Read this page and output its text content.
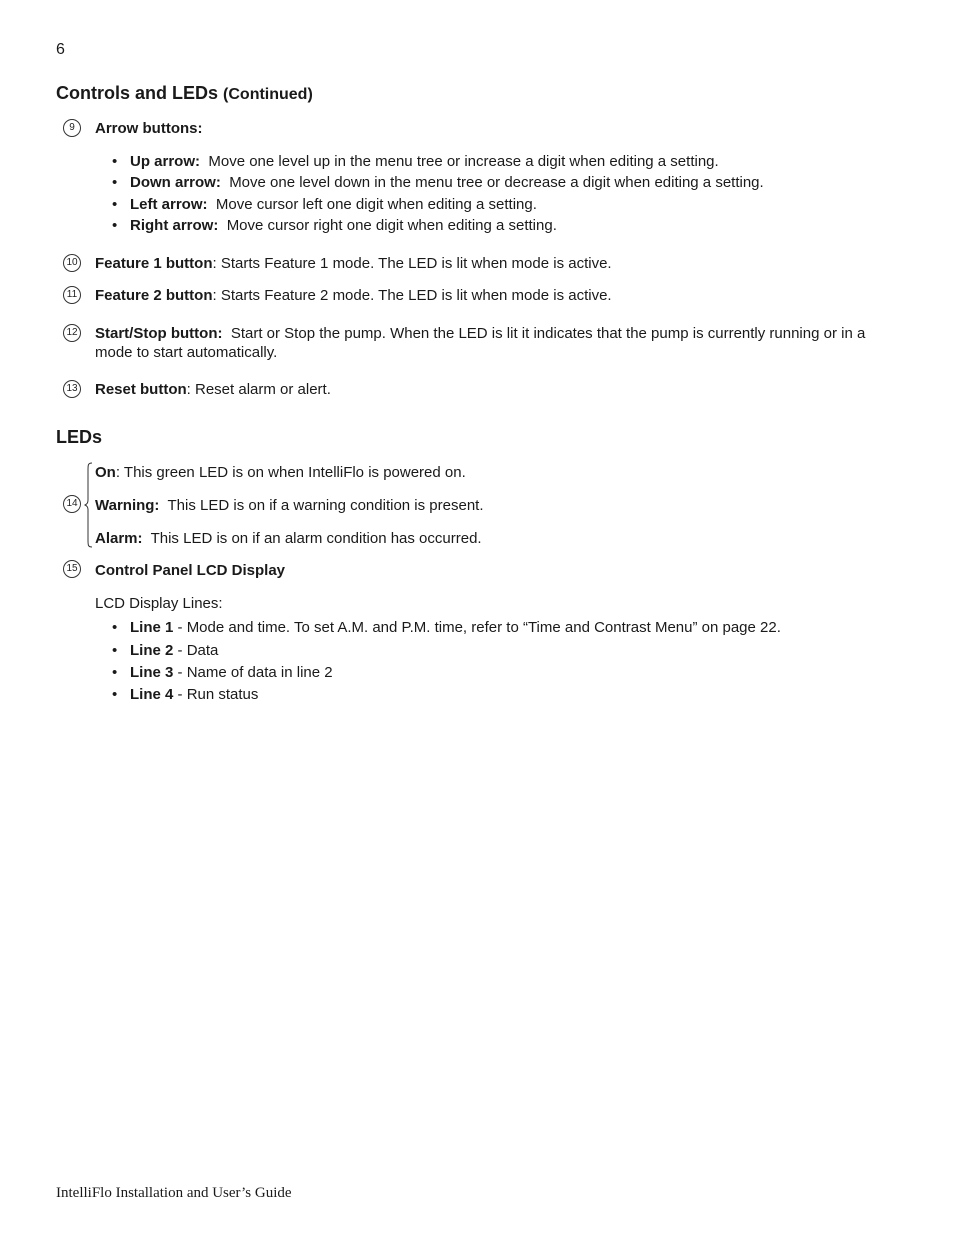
6
Controls and LEDs (Continued)
9	Arrow buttons:
• Up arrow: Move one level up in the menu tree or increase a digit when editing a setting.
• Down arrow: Move one level down in the menu tree or decrease a digit when editing a setting.
• Left arrow: Move cursor left one digit when editing a setting.
• Right arrow: Move cursor right one digit when editing a setting.
10 Feature 1 button: Starts Feature 1 mode. The LED is lit when mode is active.
11 Feature 2 button: Starts Feature 2 mode. The LED is lit when mode is active.
12 Start/Stop button: Start or Stop the pump. When the LED is lit it indicates that the pump is currently running or in a mode to start automatically.
13 Reset button: Reset alarm or alert.
LEDs
14
On: This green LED is on when IntelliFlo is powered on.
Warning: This LED is on if a warning condition is present.
Alarm: This LED is on if an alarm condition has occurred.
15 Control Panel LCD Display
LCD Display Lines:
• Line 1 - Mode and time. To set A.M. and P.M. time, refer to “Time and Contrast Menu” on page 22.
• Line 2 - Data
• Line 3 - Name of data in line 2
• Line 4 - Run status
IntelliFlo Installation and User’s Guide
